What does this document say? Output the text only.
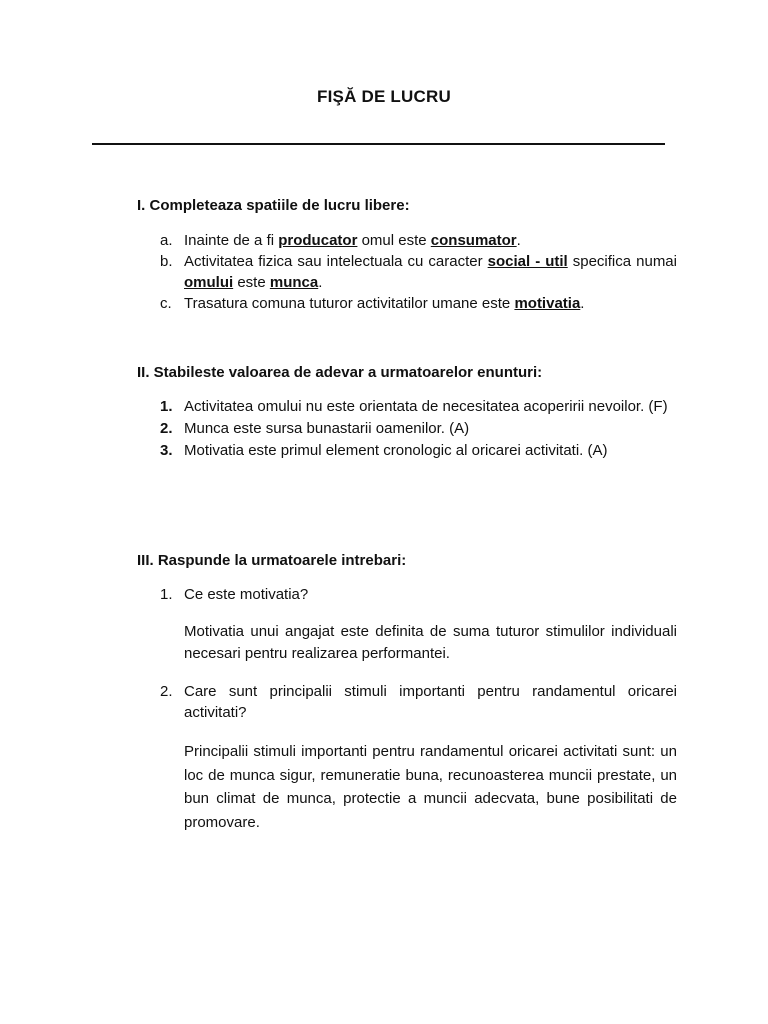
FIŞĂ DE LUCRU
I. Completeaza spatiile de lucru libere:
a. Inainte de a fi producator omul este consumator.
b. Activitatea fizica sau intelectuala cu caracter social - util specifica numai omului este munca.
c. Trasatura comuna tuturor activitatilor umane este motivatia.
II. Stabileste valoarea de adevar a urmatoarelor enunturi:
1. Activitatea omului nu este orientata de necesitatea acoperirii nevoilor. (F)
2. Munca este sursa bunastarii oamenilor. (A)
3. Motivatia este primul element cronologic al oricarei activitati. (A)
III. Raspunde la urmatoarele intrebari:
1. Ce este motivatia?
Motivatia unui angajat este definita de suma tuturor stimulilor individuali necesari pentru realizarea performantei.
2. Care sunt principalii stimuli importanti pentru randamentul oricarei activitati?
Principalii stimuli importanti pentru randamentul oricarei activitati sunt: un loc de munca sigur, remuneratie buna, recunoasterea muncii prestate, un bun climat de munca, protectie a muncii adecvata, bune posibilitati de promovare.
